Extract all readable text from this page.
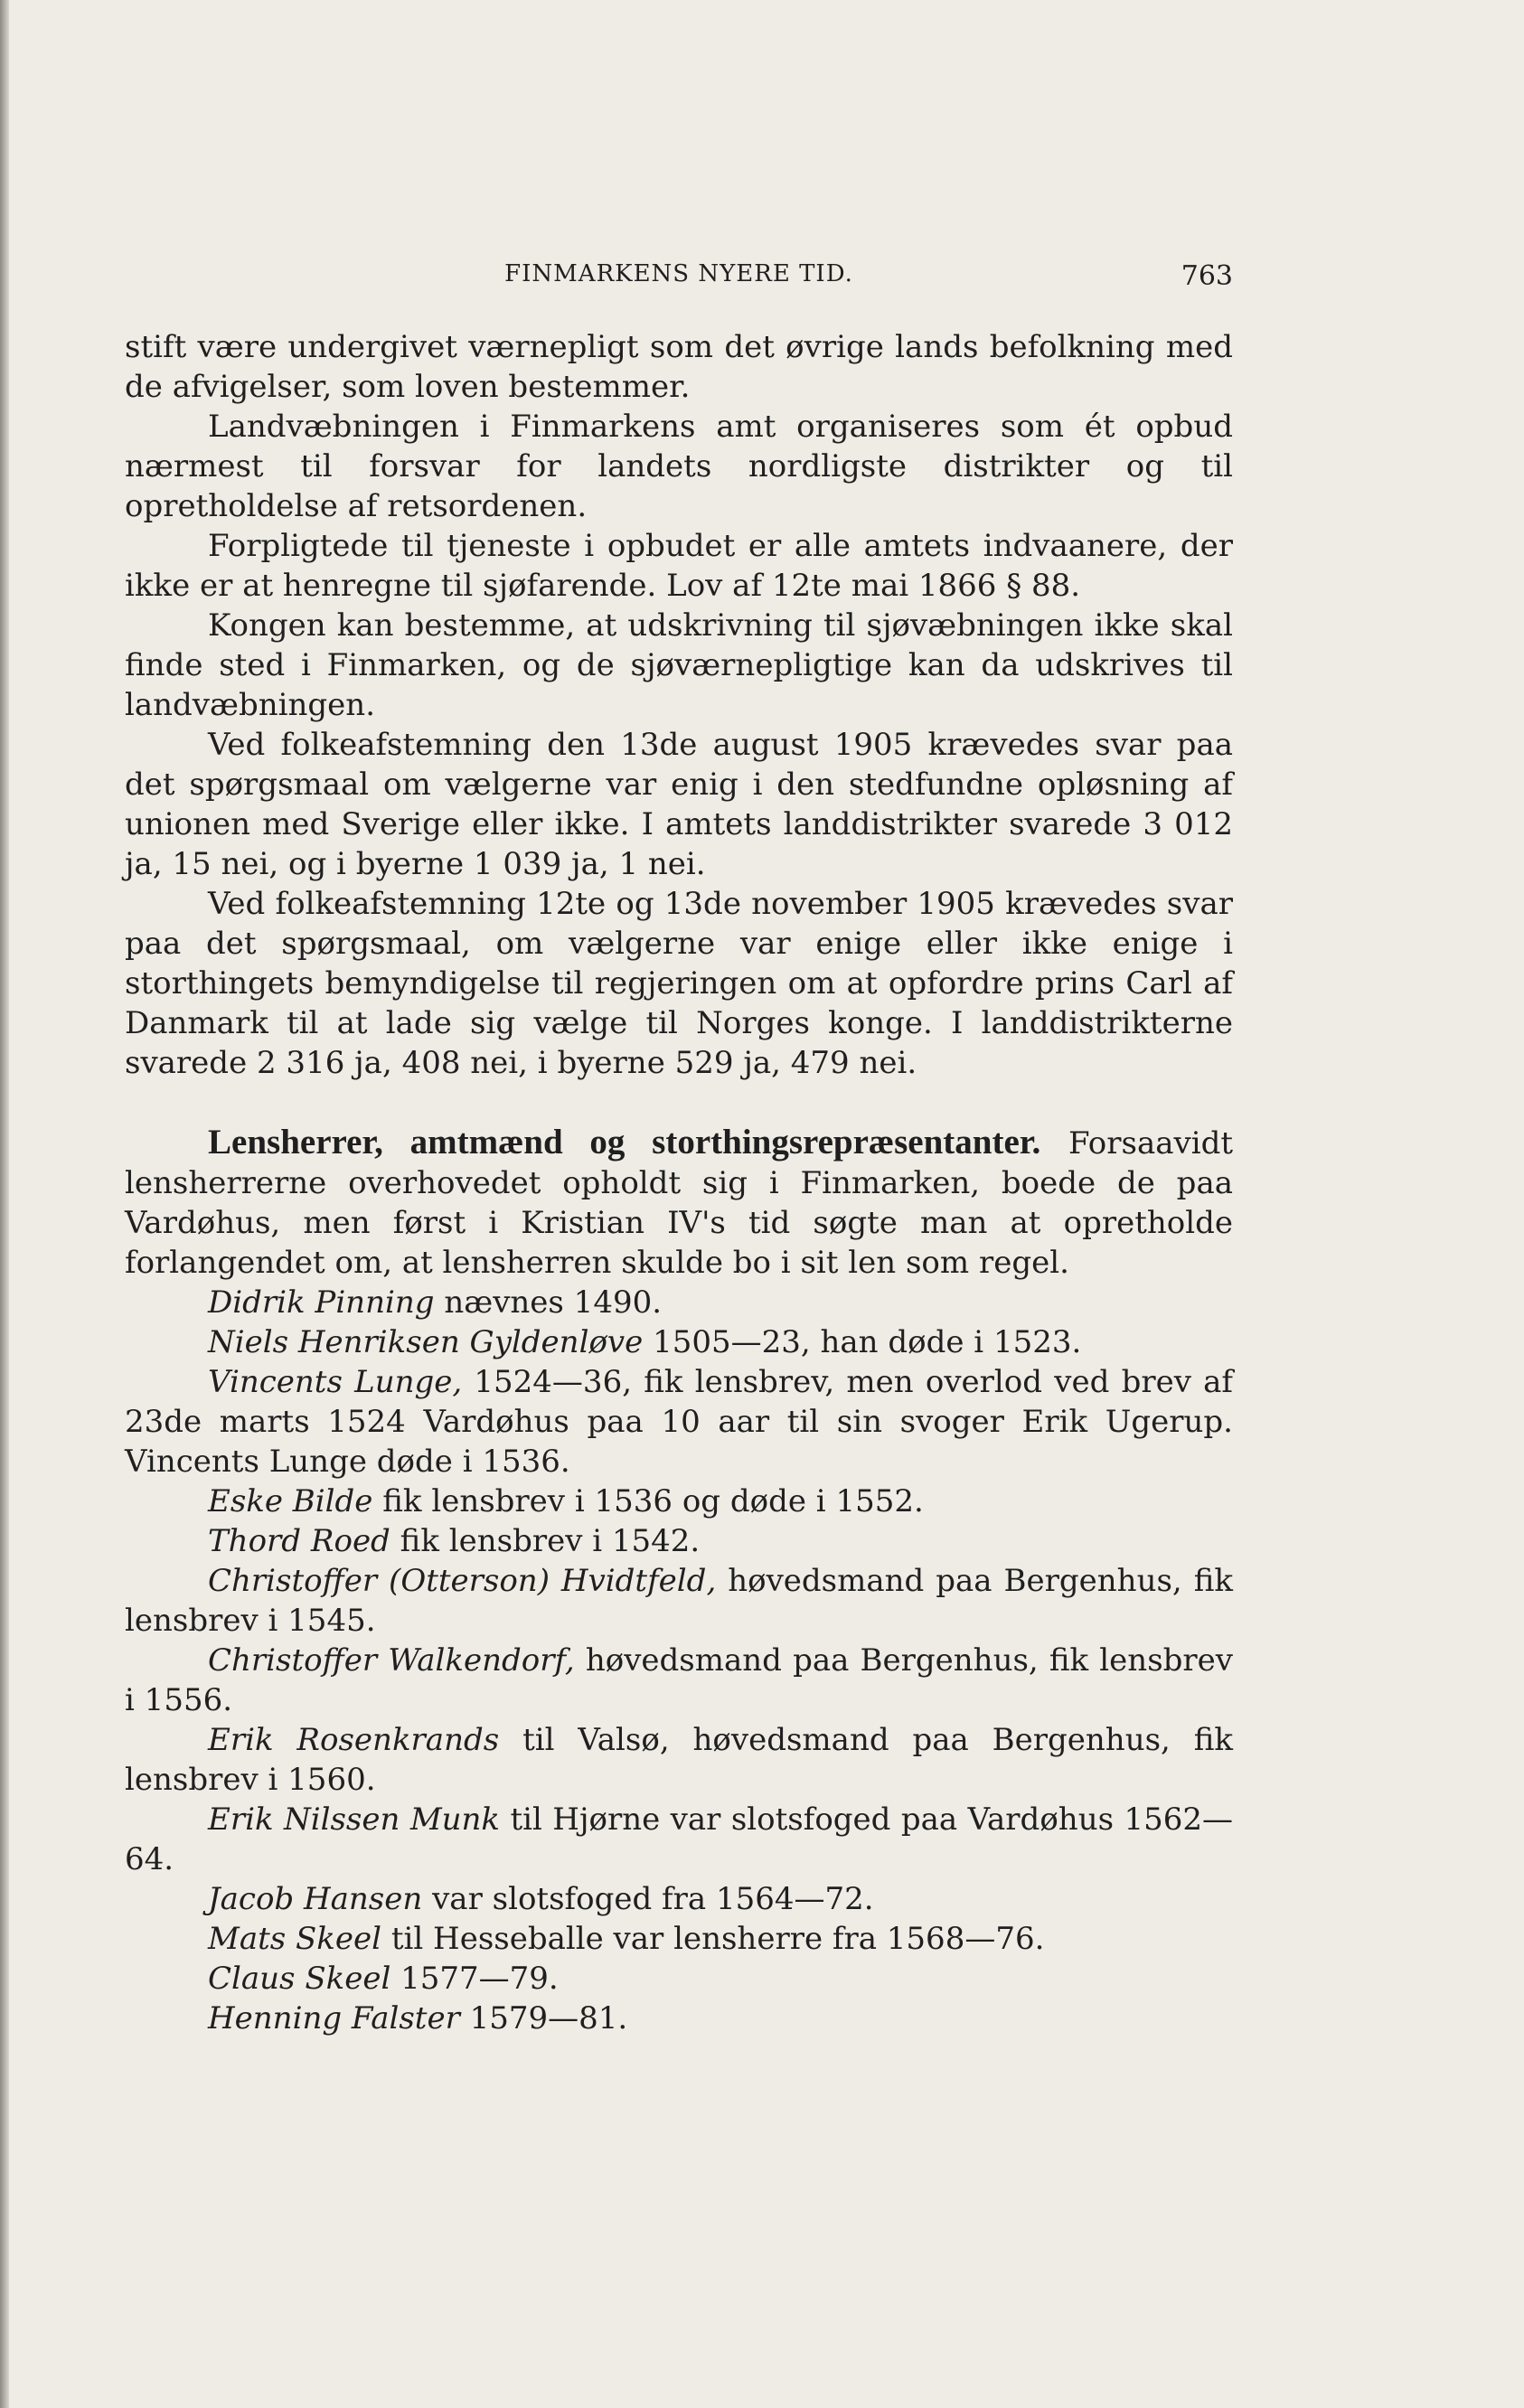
FINMARKENS NYERE TID.	763

stift være undergivet værnepligt som det øvrige lands befolkning med de afvigelser, som loven bestemmer.

Landvæbningen i Finmarkens amt organiseres som ét opbud nærmest til forsvar for landets nordligste distrikter og til opretholdelse af retsordenen.

Forpligtede til tjeneste i opbudet er alle amtets indvaanere, der ikke er at henregne til sjøfarende. Lov af 12te mai 1866 § 88.

Kongen kan bestemme, at udskrivning til sjøvæbningen ikke skal finde sted i Finmarken, og de sjøværnepligtige kan da udskrives til landvæbningen.

Ved folkeafstemning den 13de august 1905 krævedes svar paa det spørgsmaal om vælgerne var enig i den stedfundne opløsning af unionen med Sverige eller ikke. I amtets landdistrikter svarede 3 012 ja, 15 nei, og i byerne 1 039 ja, 1 nei.

Ved folkeafstemning 12te og 13de november 1905 krævedes svar paa det spørgsmaal, om vælgerne var enige eller ikke enige i storthingets bemyndigelse til regjeringen om at opfordre prins Carl af Danmark til at lade sig vælge til Norges konge. I landdistrikterne svarede 2 316 ja, 408 nei, i byerne 529 ja, 479 nei.

Lensherrer, amtmænd og storthingsrepræsentanter. Forsaavidt lensherrerne overhovedet opholdt sig i Finmarken, boede de paa Vardøhus, men først i Kristian IV's tid søgte man at opretholde forlangendet om, at lensherren skulde bo i sit len som regel.

Didrik Pinning nævnes 1490.

Niels Henriksen Gyldenløve 1505—23, han døde i 1523.

Vincents Lunge, 1524—36, fik lensbrev, men overlod ved brev af 23de marts 1524 Vardøhus paa 10 aar til sin svoger Erik Ugerup. Vincents Lunge døde i 1536.

Eske Bilde fik lensbrev i 1536 og døde i 1552.

Thord Roed fik lensbrev i 1542.

Christoffer (Otterson) Hvidtfeld, høvedsmand paa Bergenhus, fik lensbrev i 1545.

Christoffer Walkendorf, høvedsmand paa Bergenhus, fik lensbrev i 1556.

Erik Rosenkrands til Valsø, høvedsmand paa Bergenhus, fik lensbrev i 1560.

Erik Nilssen Munk til Hjørne var slotsfoged paa Vardøhus 1562—64.

Jacob Hansen var slotsfoged fra 1564—72.

Mats Skeel til Hesseballe var lensherre fra 1568—76.

Claus Skeel 1577—79.

Henning Falster 1579—81.
